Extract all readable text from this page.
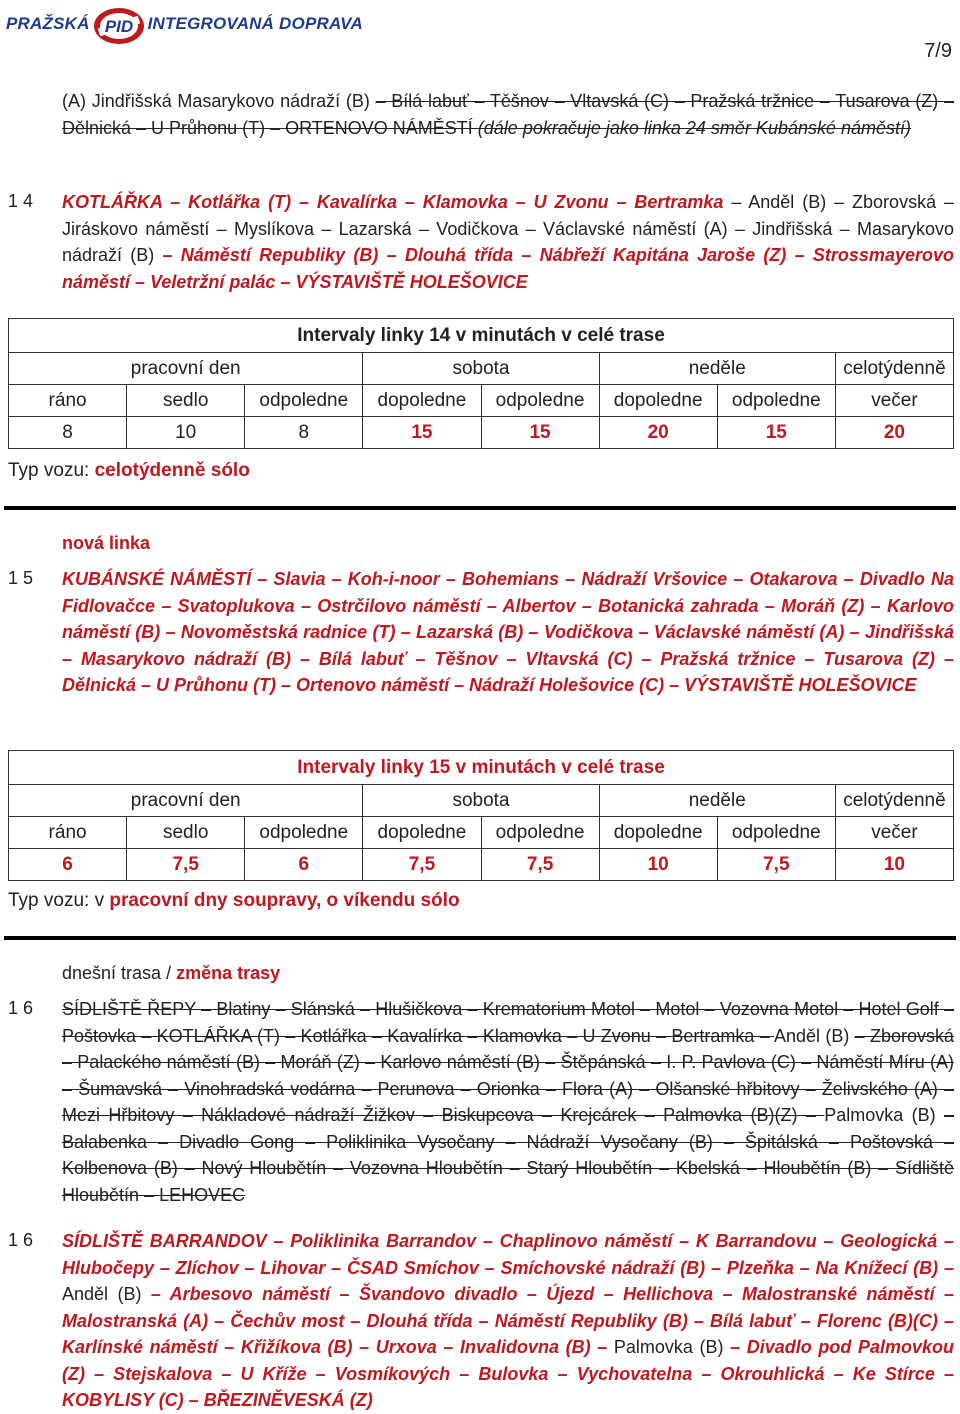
PRAŽSKÁ PID INTEGROVANÁ DOPRAVA
7/9
(A) Jindřišská Masarykovo nádraží (B) – Bílá labuť – Těšnov – Vltavská (C) – Pražská tržnice – Tusarova (Z) – Dělnická – U Průhonu (T) – ORTENOVO NÁMĚSTÍ (dále pokračuje jako linka 24 směr Kubánské náměstí)
1 4 KOTLÁŘKA – Kotlářka (T) – Kavalírka – Klamovka – U Zvonu – Bertramka – Anděl (B) – Zborovská – Jiráskovo náměstí – Myslíkova – Lazarská – Vodičkova – Václavské náměstí (A) – Jindřišská – Masarykovo nádraží (B) – Náměstí Republiky (B) – Dlouhá třída – Nábřeží Kapitána Jaroše (Z) – Strossmayerovo náměstí – Veletržní palác – VÝSTAVIŠTĚ HOLEŠOVICE
Intervaly linky 14 v minutách v celé trase							
pracovní den			sobota		neděle		celotýdenně
ráno	sedlo	odpoledne	dopoledne	odpoledne	dopoledne	odpoledne	večer
8	10	8	15	15	20	15	20
Typ vozu: celotýdenně sólo
nová linka
1 5 KUBÁNSKÉ NÁMĚSTÍ – Slavia – Koh-i-noor – Bohemians – Nádraží Vršovice – Otakarova – Divadlo Na Fidlovačce – Svatoplukova – Ostrčilovo náměstí – Albertov – Botanická zahrada – Moráň (Z) – Karlovo náměstí (B) – Novoměstská radnice (T) – Lazarská (B) – Vodičkova – Václavské náměstí (A) – Jindřišská – Masarykovo nádraží (B) – Bílá labuť – Těšnov – Vltavská (C) – Pražská tržnice – Tusarova (Z) – Dělnická – U Průhonu (T) – Ortenovo náměstí – Nádraží Holešovice (C) – VÝSTAVIŠTĚ HOLEŠOVICE
Intervaly linky 15 v minutách v celé trase							
pracovní den			sobota		neděle		celotýdenně
ráno	sedlo	odpoledne	dopoledne	odpoledne	dopoledne	odpoledne	večer
6	7,5	6	7,5	7,5	10	7,5	10
Typ vozu: v pracovní dny soupravy, o víkendu sólo
dnešní trasa / změna trasy
1 6 SÍDLIŠTĚ ŘEPY – Blatiny – Slánská – Hlušičkova – Krematorium Motol – Motol – Vozovna Motol – Hotel Golf – Poštovka – KOTLÁŘKA (T) – Kotlářka – Kavalírka – Klamovka – U Zvonu – Bertramka – Anděl (B) – Zborovská – Palackého náměstí (B) – Moráň (Z) – Karlovo náměstí (B) – Štěpánská – I. P. Pavlova (C) – Náměstí Míru (A) – Šumavská – Vinohradská vodárna – Perunova – Orionka – Flora (A) – Olšanské hřbitovy – Želivského (A) – Mezi Hřbitovy – Nákladové nádraží Žižkov – Biskupcova – Krejcárek – Palmovka (B)(Z) – Palmovka (B) – Balabenka – Divadlo Gong – Poliklinika Vysočany – Nádraží Vysočany (B) – Špitálská – Poštovská – Kolbenova (B) – Nový Hloubětín – Vozovna Hloubětín – Starý Hloubětín – Kbelská – Hloubětín (B) – Sídliště Hloubětín – LEHOVEC
1 6 SÍDLIŠTĚ BARRANDOV – Poliklinika Barrandov – Chaplinovo náměstí – K Barrandovu – Geologická – Hlubočepy – Zlíchov – Lihovar – ČSAD Smíchov – Smíchovské nádraží (B) – Plzeňka – Na Knížecí (B) – Anděl (B) – Arbesovo náměstí – Švandovo divadlo – Újezd – Hellichova – Malostranské náměstí – Malostranská (A) – Čechův most – Dlouhá třída – Náměstí Republiky (B) – Bílá labuť – Florenc (B)(C) – Karlínské náměstí – Křižíkova (B) – Urxova – Invalidovna (B) – Palmovka (B) – Divadlo pod Palmovkou (Z) – Stejskalova – U Kříže – Vosmíkových – Bulovka – Vychovatelna – Okrouhlická – Ke Stírce – KOBYLISY (C) – BŘEZINĚVESKÁ (Z)
